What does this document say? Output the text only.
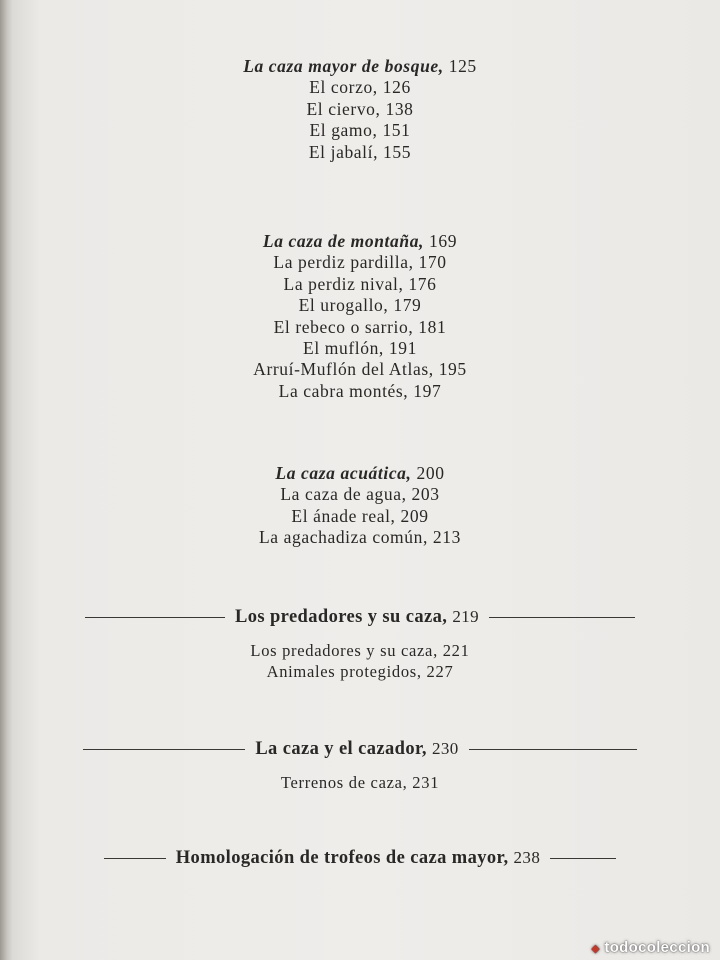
La caza mayor de bosque, 125
El corzo, 126
El ciervo, 138
El gamo, 151
El jabalí, 155
La caza de montaña, 169
La perdiz pardilla, 170
La perdiz nival, 176
El urogallo, 179
El rebeco o sarrio, 181
El muflón, 191
Arruí-Muflón del Atlas, 195
La cabra montés, 197
La caza acuática, 200
La caza de agua, 203
El ánade real, 209
La agachadiza común, 213
Los predadores y su caza, 219
Los predadores y su caza, 221
Animales protegidos, 227
La caza y el cazador, 230
Terrenos de caza, 231
Homologación de trofeos de caza mayor, 238
◆ todocoleccion
